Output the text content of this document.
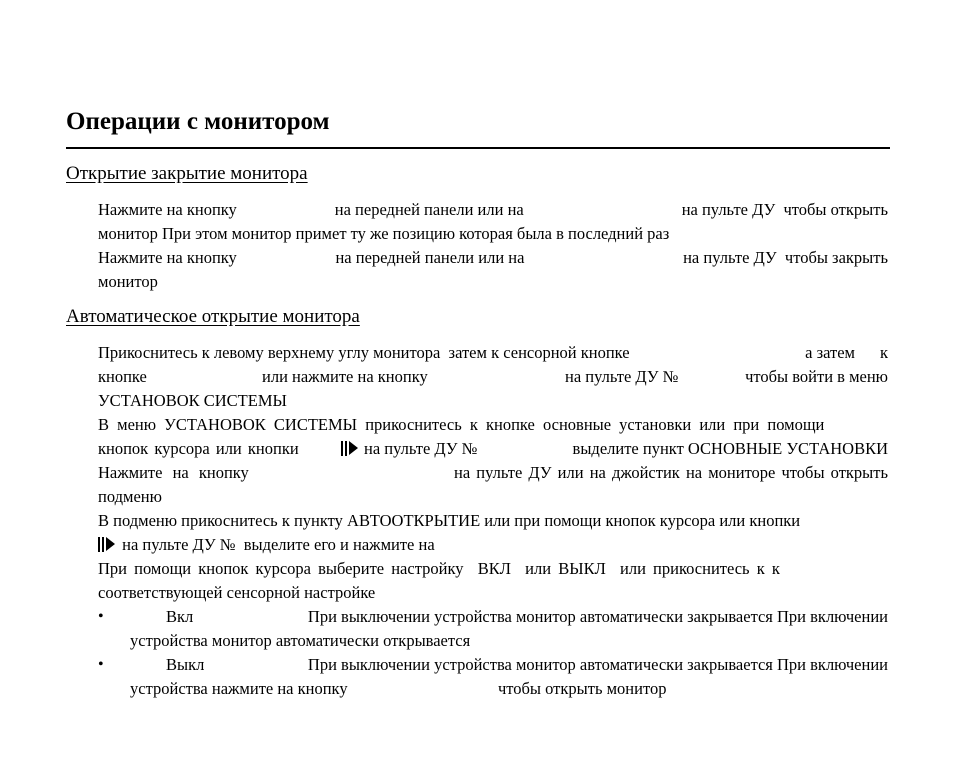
Операции с монитором
Открытие закрытие монитора
Нажмите на кнопку	на передней панели или на	на пульте ДУ  чтобы открыть
монитор При этом монитор примет ту же позицию которая была в последний раз
Нажмите на кнопку	на передней панели или на	на пульте ДУ  чтобы закрыть
монитор
Автоматическое открытие монитора
Прикоснитесь к левому верхнему углу монитора  затем к сенсорной кнопке	а затем к
кнопке	или нажмите на кнопку	на пульте ДУ №	чтобы войти в меню
УСТАНОВОК СИСТЕМЫ
В меню УСТАНОВОК СИСТЕМЫ прикоснитесь к кнопке основные установки или при помощи
кнопок курсора или кнопки	на пульте ДУ №	выделите пункт ОСНОВНЫЕ УСТАНОВКИ
Нажмите на кнопку	на пульте ДУ или на джойстик на мониторе чтобы открыть
подменю
В подменю прикоснитесь к пункту АВТООТКРЫТИЕ или при помощи кнопок курсора или кнопки
на пульте ДУ № выделите его и нажмите на
При помощи кнопок курсора выберите настройку  ВКЛ  или ВЫКЛ  или прикоснитесь к к
соответствующей сенсорной настройке
•	Вкл	При выключении устройства монитор автоматически закрывается При включении
устройства монитор автоматически открывается
•	Выкл	При выключении устройства монитор автоматически закрывается При включении
устройства нажмите на кнопку	чтобы открыть монитор
